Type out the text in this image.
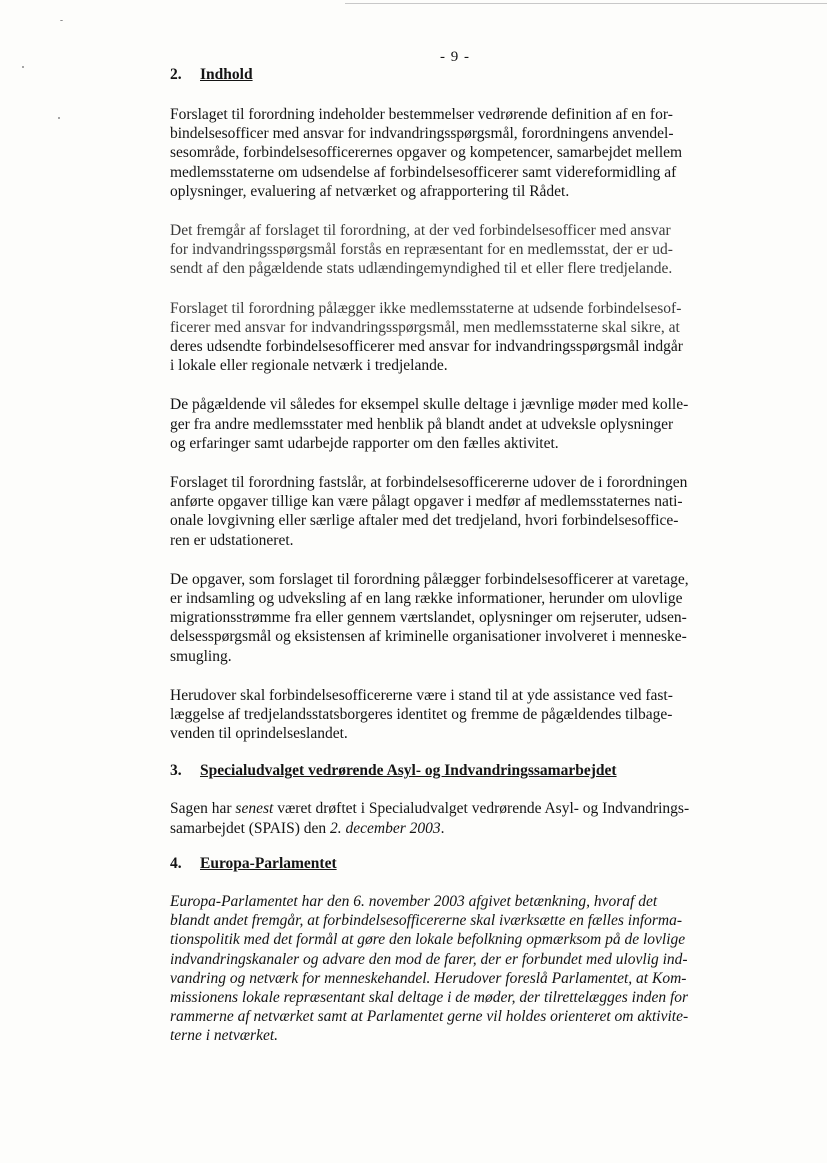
- 9 -
2. Indhold

Forslaget til forordning indeholder bestemmelser vedrørende definition af en for-
bindelsesofficer med ansvar for indvandringsspørgsmål, forordningens anvendel-
sesområde, forbindelsesofficerernes opgaver og kompetencer, samarbejdet mellem
medlemsstaterne om udsendelse af forbindelsesofficerer samt videreformidling af
oplysninger, evaluering af netværket og afrapportering til Rådet.

Det fremgår af forslaget til forordning, at der ved forbindelsesofficer med ansvar
for indvandringsspørgsmål forstås en repræsentant for en medlemsstat, der er ud-
sendt af den pågældende stats udlændingemyndighed til et eller flere tredjelande.

Forslaget til forordning pålægger ikke medlemsstaterne at udsende forbindelsesof-
ficerer med ansvar for indvandringsspørgsmål, men medlemsstaterne skal sikre, at
deres udsendte forbindelsesofficerer med ansvar for indvandringsspørgsmål indgår
i lokale eller regionale netværk i tredjelande.

De pågældende vil således for eksempel skulle deltage i jævnlige møder med kolle-
ger fra andre medlemsstater med henblik på blandt andet at udveksle oplysninger
og erfaringer samt udarbejde rapporter om den fælles aktivitet.

Forslaget til forordning fastslår, at forbindelsesofficererne udover de i forordningen
anførte opgaver tillige kan være pålagt opgaver i medfør af medlemsstaternes nati-
onale lovgivning eller særlige aftaler med det tredjeland, hvori forbindelsesoffice-
ren er udstationeret.

De opgaver, som forslaget til forordning pålægger forbindelsesofficerer at varetage,
er indsamling og udveksling af en lang række informationer, herunder om ulovlige
migrationsstrømme fra eller gennem værtslandet, oplysninger om rejseruter, udsen-
delsesspørgsmål og eksistensen af kriminelle organisationer involveret i menneske-
smugling.

Herudover skal forbindelsesofficererne være i stand til at yde assistance ved fast-
læggelse af tredjelandsstatsborgeres identitet og fremme de pågældendes tilbage-
venden til oprindelseslandet.

3. Specialudvalget vedrørende Asyl- og Indvandringssamarbejdet

Sagen har senest været drøftet i Specialudvalget vedrørende Asyl- og Indvandrings-
samarbejdet (SPAIS) den 2. december 2003.

4. Europa-Parlamentet

Europa-Parlamentet har den 6. november 2003 afgivet betænkning, hvoraf det
blandt andet fremgår, at forbindelsesofficererne skal iværksætte en fælles informa-
tionspolitik med det formål at gøre den lokale befolkning opmærksom på de lovlige
indvandringskanaler og advare den mod de farer, der er forbundet med ulovlig ind-
vandring og netværk for menneskehandel. Herudover foreslå Parlamentet, at Kom-
missionens lokale repræsentant skal deltage i de møder, der tilrettelægges inden for
rammerne af netværket samt at Parlamentet gerne vil holdes orienteret om aktivite-
terne i netværket.
